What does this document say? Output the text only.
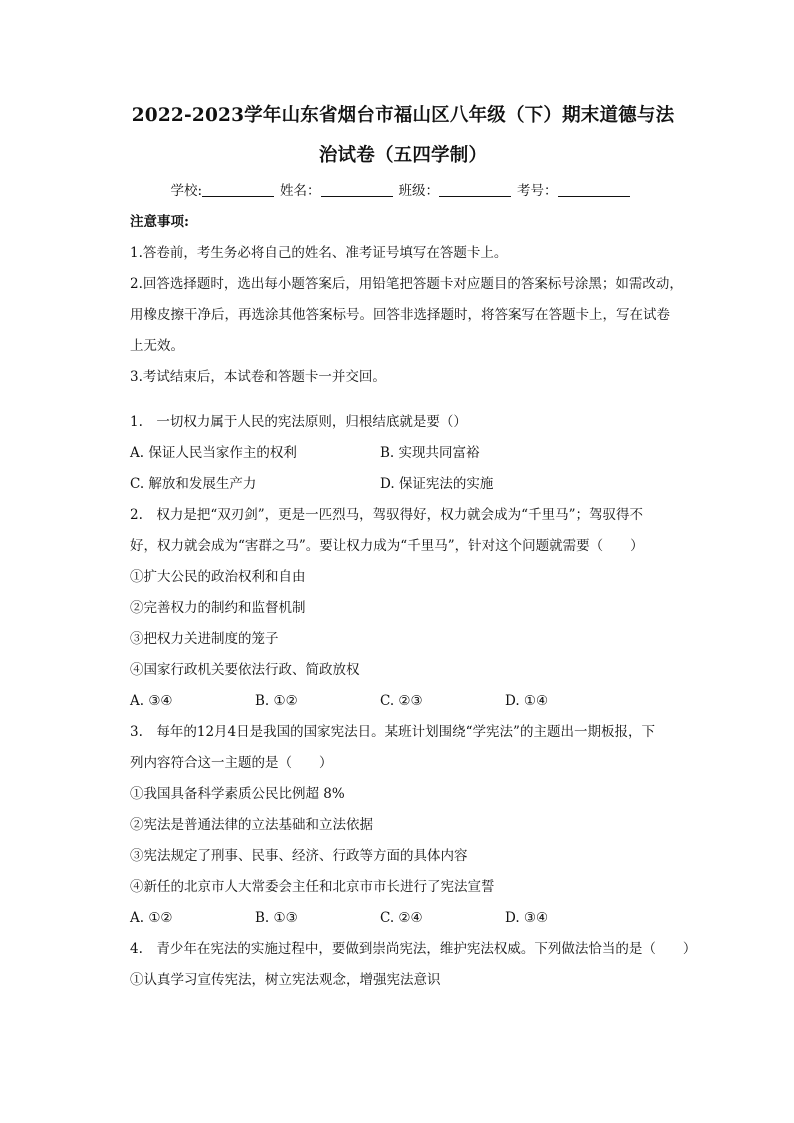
2022-2023学年山东省烟台市福山区八年级（下）期末道德与法
治试卷（五四学制）
学校:	姓名：	班级：	考号：
注意事项:
1.答卷前，考生务必将自己的姓名、准考证号填写在答题卡上。
2.回答选择题时，选出每小题答案后，用铅笔把答题卡对应题目的答案标号涂黑；如需改动，
用橡皮擦干净后，再选涂其他答案标号。回答非选择题时，将答案写在答题卡上，写在试卷
上无效。
3.考试结束后，本试卷和答题卡一并交回。
1.　一切权力属于人民的宪法原则，归根结底就是要（）
A. 保证人民当家作主的权利	B. 实现共同富裕
C. 解放和发展生产力	D. 保证宪法的实施
2.　权力是把“双刃剑”，更是一匹烈马，驾驭得好，权力就会成为“千里马”；驾驭得不
好，权力就会成为“害群之马”。要让权力成为“千里马”，针对这个问题就需要（　　）
①扩大公民的政治权利和自由
②完善权力的制约和监督机制
③把权力关进制度的笼子
④国家行政机关要依法行政、简政放权
A. ③④	B. ①②	C. ②③	D. ①④
3.　每年的12月4日是我国的国家宪法日。某班计划围绕“学宪法”的主题出一期板报，下
列内容符合这一主题的是（　　）
①我国具备科学素质公民比例超 8%
②宪法是普通法律的立法基础和立法依据
③宪法规定了刑事、民事、经济、行政等方面的具体内容
④新任的北京市人大常委会主任和北京市市长进行了宪法宣誓
A. ①②	B. ①③	C. ②④	D. ③④
4.　青少年在宪法的实施过程中，要做到崇尚宪法，维护宪法权威。下列做法恰当的是（　　）
①认真学习宣传宪法，树立宪法观念，增强宪法意识
